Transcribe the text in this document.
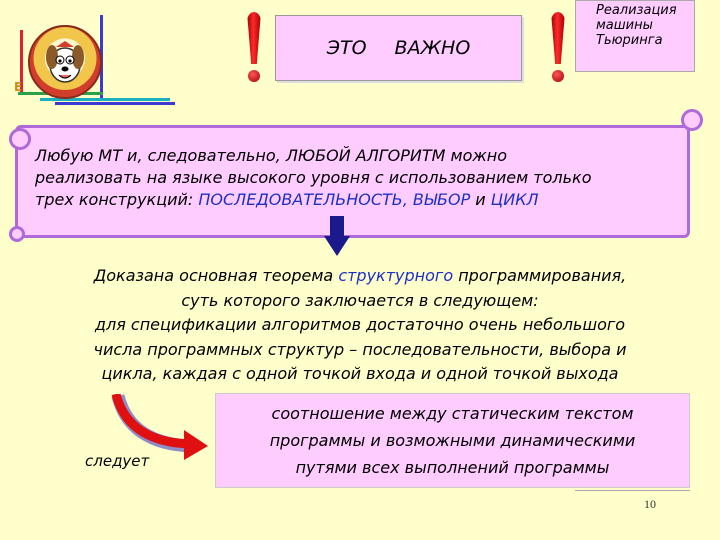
E
ЭТО ВАЖНО
Реализация
машины
Тьюринга
Любую МТ и, следовательно, ЛЮБОЙ АЛГОРИТМ можно
реализовать на языке высокого уровня с использованием только
трех конструкций: ПОСЛЕДОВАТЕЛЬНОСТЬ, ВЫБОР и ЦИКЛ
Доказана основная теорема структурного программирования,
суть которого заключается в следующем:
для спецификации алгоритмов достаточно очень небольшого
числа программных структур – последовательности, выбора и
цикла, каждая с одной точкой входа и одной точкой выхода
следует
соотношение между статическим текстом
программы и возможными динамическими
путями всех выполнений программы
10
